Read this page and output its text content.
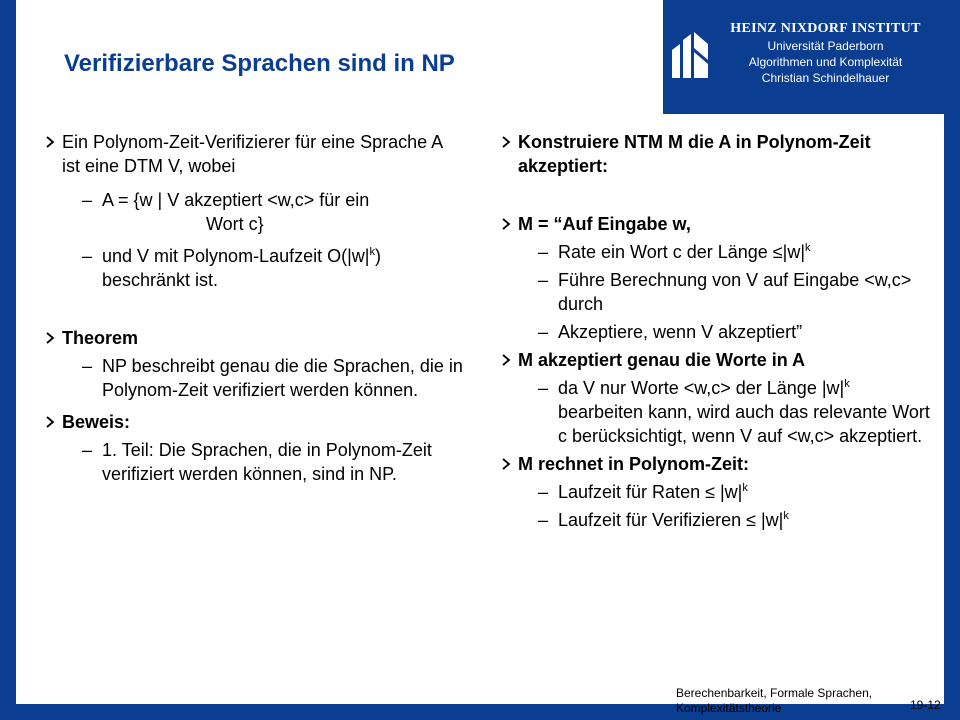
Verifizierbare Sprachen sind in NP
HEINZ NIXDORF INSTITUT
Universität Paderborn
Algorithmen und Komplexität
Christian Schindelhauer
Ein Polynom-Zeit-Verifizierer für eine Sprache A ist eine DTM V, wobei
– A = {w | V akzeptiert <w,c> für ein
Wort c}
– und V mit Polynom-Laufzeit $O(|w|^k)$
beschränkt ist.
Theorem
– NP beschreibt genau die die Sprachen, die in Polynom-Zeit verifiziert werden können.
Beweis:
– 1. Teil: Die Sprachen, die in Polynom-Zeit verifiziert werden können, sind in NP.
Konstruiere NTM M die A in Polynom-Zeit akzeptiert:
M = “Auf Eingabe w,
– Rate ein Wort c der Länge $\le|w|^k$
– Führe Berechnung von V auf Eingabe <w,c> durch
– Akzeptiere, wenn V akzeptiert”
M akzeptiert genau die Worte in A
– da V nur Worte <w,c> der Länge $|w|^k$ bearbeiten kann, wird auch das relevante Wort c berücksichtigt, wenn V auf <w,c> akzeptiert.
M rechnet in Polynom-Zeit:
– Laufzeit für Raten ≤ $|w|^k$
– Laufzeit für Verifizieren ≤ $|w|^k$
Berechenbarkeit, Formale Sprachen,
Komplexitätstheorie	19-12
